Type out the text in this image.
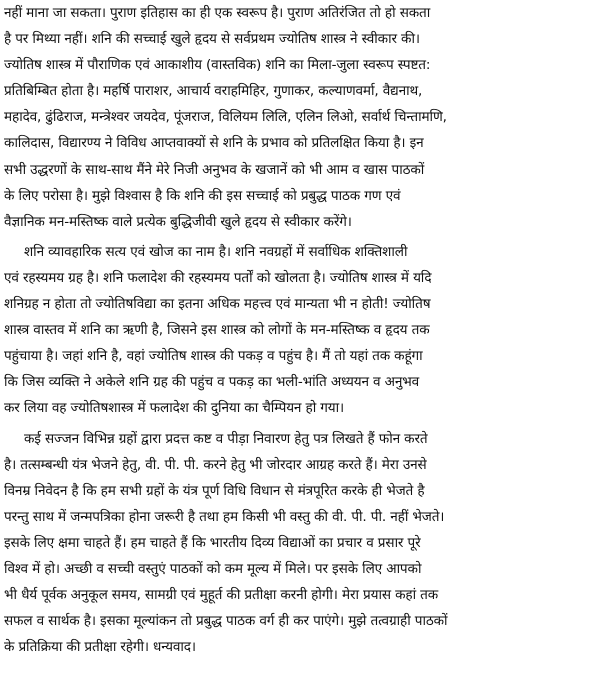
नहीं माना जा सकता। पुराण इतिहास का ही एक स्वरूप है। पुराण अतिरंजित तो हो सकता
है पर मिथ्या नहीं। शनि की सच्चाई खुले हृदय से सर्वप्रथम ज्योतिष शास्त्र ने स्वीकार की।
ज्योतिष शास्त्र में पौराणिक एवं आकाशीय (वास्तविक) शनि का मिला-जुला स्वरूप स्पष्टत:
प्रतिबिम्बित होता है। महर्षि पाराशर, आचार्य वराहमिहिर, गुणाकर, कल्याणवर्मा, वैद्यनाथ,
महादेव, ढुंढिराज, मन्त्रेश्वर जयदेव, पूंजराज, विलियम लिलि, एलिन लिओ, सर्वार्थ चिन्तामणि,
कालिदास, विद्यारण्य ने विविध आप्तवाक्यों से शनि के प्रभाव को प्रतिलक्षित किया है। इन
सभी उद्धरणों के साथ-साथ मैंने मेरे निजी अनुभव के खजानें को भी आम व खास पाठकों
के लिए परोसा है। मुझे विश्वास है कि शनि की इस सच्चाई को प्रबुद्ध पाठक गण एवं
वैज्ञानिक मन-मस्तिष्क वाले प्रत्येक बुद्धिजीवी खुले हृदय से स्वीकार करेंगे।
शनि व्यावहारिक सत्य एवं खोज का नाम है। शनि नवग्रहों में सर्वाधिक शक्तिशाली
एवं रहस्यमय ग्रह है। शनि फलादेश की रहस्यमय पर्तों को खोलता है। ज्योतिष शास्त्र में यदि
शनिग्रह न होता तो ज्योतिषविद्या का इतना अधिक महत्त्व एवं मान्यता भी न होती! ज्योतिष
शास्त्र वास्तव में शनि का ऋणी है, जिसने इस शास्त्र को लोगों के मन-मस्तिष्क व हृदय तक
पहुंचाया है। जहां शनि है, वहां ज्योतिष शास्त्र की पकड़ व पहुंच है। मैं तो यहां तक कहूंगा
कि जिस व्यक्ति ने अकेले शनि ग्रह की पहुंच व पकड़ का भली-भांति अध्ययन व अनुभव
कर लिया वह ज्योतिषशास्त्र में फलादेश की दुनिया का चैम्पियन हो गया।
कई सज्जन विभिन्न ग्रहों द्वारा प्रदत्त कष्ट व पीड़ा निवारण हेतु पत्र लिखते हैं फोन करते
है। तत्सम्बन्धी यंत्र भेजने हेतु, वी. पी. पी. करने हेतु भी जोरदार आग्रह करते हैं। मेरा उनसे
विनम्र निवेदन है कि हम सभी ग्रहों के यंत्र पूर्ण विधि विधान से मंत्रपूरित करके ही भेजते है
परन्तु साथ में जन्मपत्रिका होना जरूरी है तथा हम किसी भी वस्तु की वी. पी. पी. नहीं भेजते।
इसके लिए क्षमा चाहते हैं। हम चाहते हैं कि भारतीय दिव्य विद्याओं का प्रचार व प्रसार पूरे
विश्व में हो। अच्छी व सच्ची वस्तुएं पाठकों को कम मूल्य में मिले। पर इसके लिए आपको
भी धैर्य पूर्वक अनुकूल समय, सामग्री एवं मुहूर्त की प्रतीक्षा करनी होगी। मेरा प्रयास कहां तक
सफल व सार्थक है। इसका मूल्यांकन तो प्रबुद्ध पाठक वर्ग ही कर पाएंगे। मुझे तत्वग्राही पाठकों
के प्रतिक्रिया की प्रतीक्षा रहेगी। धन्यवाद।
